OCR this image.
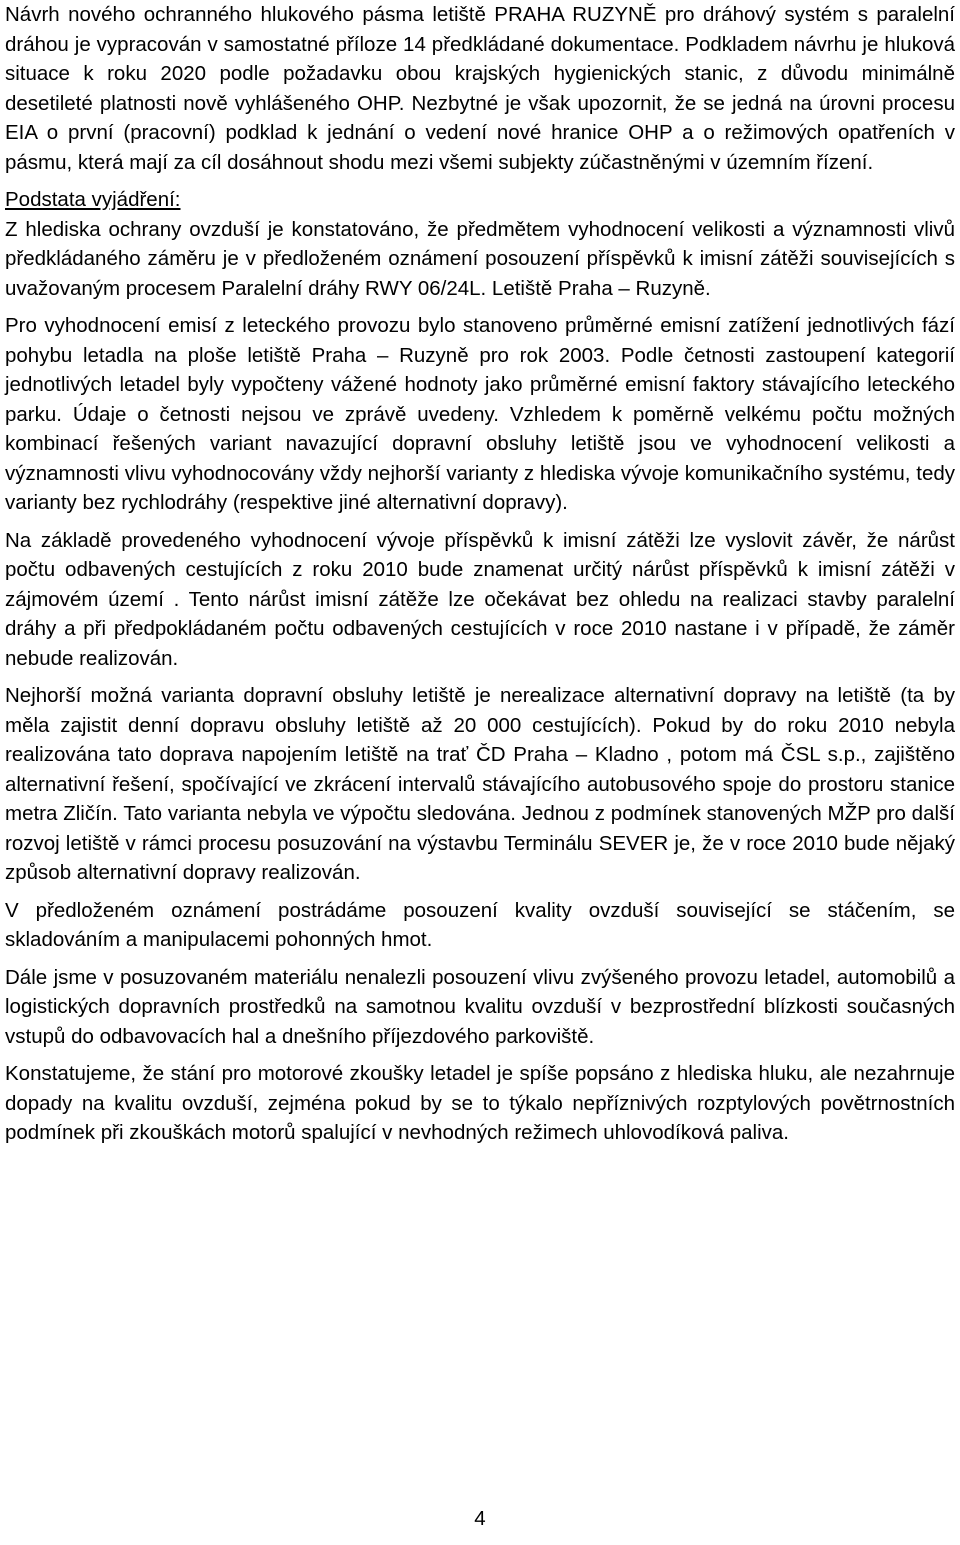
Návrh nového ochranného hlukového pásma letiště PRAHA RUZYNĚ pro dráhový systém s paralelní dráhou je vypracován v samostatné příloze 14 předkládané dokumentace. Podkladem návrhu je hluková situace k roku 2020 podle požadavku obou krajských hygienických stanic, z důvodu minimálně desetileté platnosti nově vyhlášeného OHP. Nezbytné je však upozornit, že se jedná na úrovni procesu EIA o první (pracovní) podklad k jednání o vedení nové hranice OHP a o režimových opatřeních v pásmu, která mají za cíl dosáhnout shodu mezi všemi subjekty zúčastněnými v územním řízení.

Podstata vyjádření:

Z hlediska ochrany ovzduší je konstatováno, že předmětem vyhodnocení velikosti a významnosti vlivů předkládaného záměru je v předloženém oznámení posouzení příspěvků k imisní zátěži souvisejících s uvažovaným procesem Paralelní dráhy RWY 06/24L. Letiště Praha – Ruzyně.

Pro vyhodnocení emisí z leteckého provozu bylo stanoveno průměrné emisní zatížení jednotlivých fází pohybu letadla na ploše letiště Praha – Ruzyně pro rok 2003. Podle četnosti zastoupení kategorií jednotlivých letadel byly vypočteny vážené hodnoty jako průměrné emisní faktory stávajícího leteckého parku. Údaje o četnosti nejsou ve zprávě uvedeny. Vzhledem k poměrně velkému počtu možných kombinací řešených variant navazující dopravní obsluhy letiště jsou ve vyhodnocení velikosti a významnosti vlivu vyhodnocovány vždy nejhorší varianty z hlediska vývoje komunikačního systému, tedy varianty bez rychlodráhy (respektive jiné alternativní dopravy).

Na základě provedeného vyhodnocení vývoje příspěvků k imisní zátěži lze vyslovit závěr, že nárůst počtu odbavených cestujících z roku 2010 bude znamenat určitý nárůst příspěvků k imisní zátěži v zájmovém území . Tento nárůst imisní zátěže lze očekávat bez ohledu na realizaci stavby paralelní dráhy a při předpokládaném počtu odbavených cestujících v roce 2010 nastane i v případě, že záměr nebude realizován.

Nejhorší možná varianta dopravní obsluhy letiště je nerealizace alternativní dopravy na letiště (ta by měla zajistit denní dopravu obsluhy letiště až 20 000 cestujících). Pokud by do roku 2010 nebyla realizována tato doprava napojením letiště na trať ČD Praha – Kladno , potom má ČSL s.p., zajištěno alternativní řešení, spočívající ve zkrácení intervalů stávajícího autobusového spoje do prostoru stanice metra Zličín. Tato varianta nebyla ve výpočtu sledována. Jednou z podmínek stanovených MŽP pro další rozvoj letiště v rámci procesu posuzování na výstavbu Terminálu SEVER je, že v roce 2010 bude nějaký způsob alternativní dopravy realizován.

V předloženém oznámení postrádáme posouzení kvality ovzduší související se stáčením, se skladováním a manipulacemi pohonných hmot.

Dále jsme v posuzovaném materiálu nenalezli posouzení vlivu zvýšeného provozu letadel, automobilů a logistických dopravních prostředků na samotnou kvalitu ovzduší v bezprostřední blízkosti současných vstupů do odbavovacích hal a dnešního příjezdového parkoviště.

Konstatujeme, že stání pro motorové zkoušky letadel je spíše popsáno z hlediska hluku, ale nezahrnuje dopady na kvalitu ovzduší, zejména pokud by se to týkalo nepříznivých rozptylových povětrnostních podmínek při zkouškách motorů spalující v nevhodných režimech uhlovodíková paliva.

4
